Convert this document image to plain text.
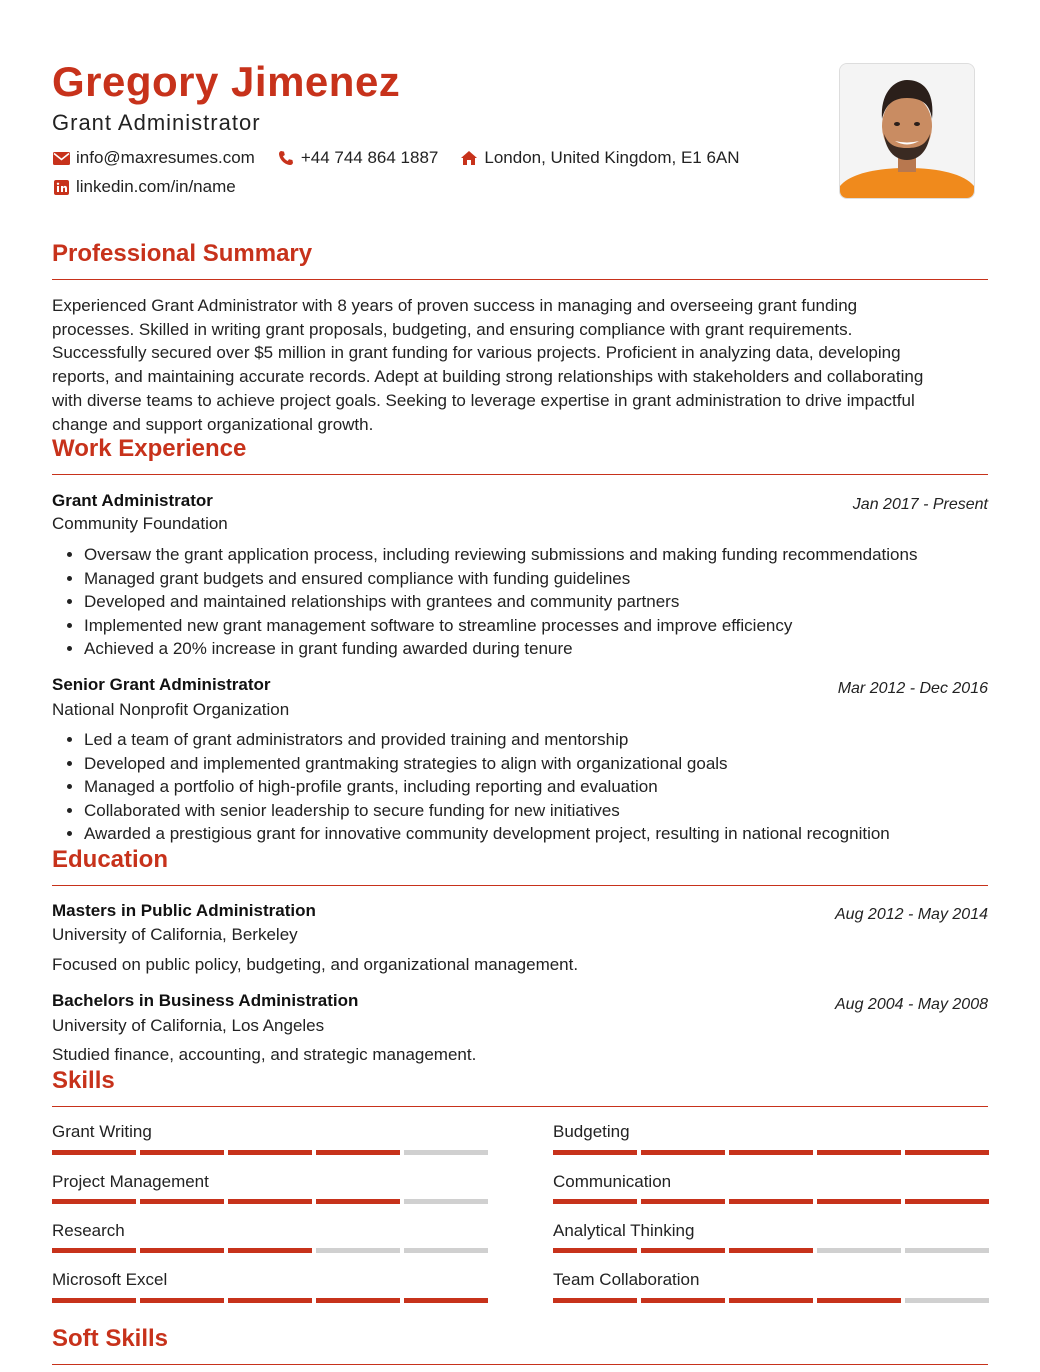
Gregory Jimenez
Grant Administrator
info@maxresumes.com	+44 744 864 1887	London, United Kingdom, E1 6AN
linkedin.com/in/name
Professional Summary

Experienced Grant Administrator with 8 years of proven success in managing and overseeing grant funding
processes. Skilled in writing grant proposals, budgeting, and ensuring compliance with grant requirements.
Successfully secured over $5 million in grant funding for various projects. Proficient in analyzing data, developing
reports, and maintaining accurate records. Adept at building strong relationships with stakeholders and collaborating
with diverse teams to achieve project goals. Seeking to leverage expertise in grant administration to drive impactful
change and support organizational growth.

Work Experience
Grant Administrator	Jan 2017 - Present
Community Foundation
• Oversaw the grant application process, including reviewing submissions and making funding recommendations
• Managed grant budgets and ensured compliance with funding guidelines
• Developed and maintained relationships with grantees and community partners
• Implemented new grant management software to streamline processes and improve efficiency
• Achieved a 20% increase in grant funding awarded during tenure
Senior Grant Administrator	Mar 2012 - Dec 2016
National Nonprofit Organization
• Led a team of grant administrators and provided training and mentorship
• Developed and implemented grantmaking strategies to align with organizational goals
• Managed a portfolio of high-profile grants, including reporting and evaluation
• Collaborated with senior leadership to secure funding for new initiatives
• Awarded a prestigious grant for innovative community development project, resulting in national recognition
Education
Masters in Public Administration	Aug 2012 - May 2014
University of California, Berkeley
Focused on public policy, budgeting, and organizational management.
Bachelors in Business Administration	Aug 2004 - May 2008
University of California, Los Angeles
Studied finance, accounting, and strategic management.
Skills
Grant Writing	Budgeting
Project Management	Communication
Research	Analytical Thinking
Microsoft Excel	Team Collaboration
Soft Skills
